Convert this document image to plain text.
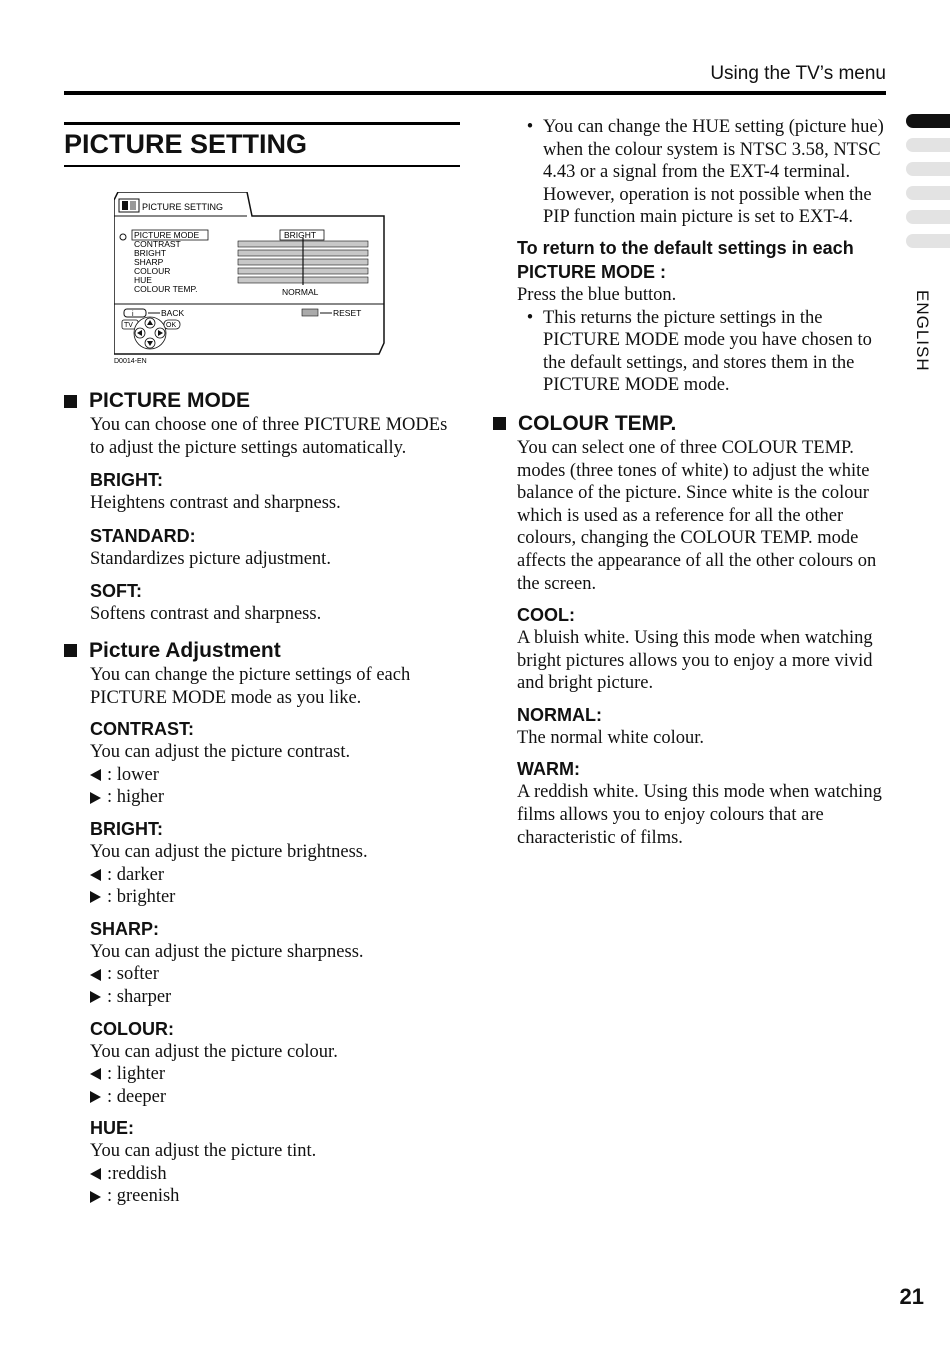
Using the TV’s menu
ENGLISH
PICTURE SETTING
PICTURE SETTING
PICTURE MODE
CONTRAST
BRIGHT
SHARP
COLOUR
HUE
COLOUR TEMP.
BRIGHT
NORMAL
i	BACK	RESET
TV	OK
D0014-EN
PICTURE MODE

You can choose one of three PICTURE MODEs to adjust the picture settings automatically.

BRIGHT:

Heightens contrast and sharpness.

STANDARD:

Standardizes picture adjustment.

SOFT:

Softens contrast and sharpness.

Picture Adjustment

You can change the picture settings of each PICTURE MODE mode as you like.

CONTRAST:

You can adjust the picture contrast.

: lower
: higher
BRIGHT:

You can adjust the picture brightness.

: darker
: brighter
SHARP:

You can adjust the picture sharpness.

: softer
: sharper
COLOUR:

You can adjust the picture colour.

: lighter
: deeper
HUE:

You can adjust the picture tint.

:reddish
: greenish
• You can change the HUE setting (picture hue) when the colour system is NTSC 3.58, NTSC 4.43 or a signal from the EXT-4 terminal.
However, operation is not possible when the PIP function main picture is set to EXT-4.
To return to the default settings in each PICTURE MODE :

Press the blue button.

• This returns the picture settings in the PICTURE MODE mode you have chosen to the default settings, and stores them in the PICTURE MODE mode.
COLOUR TEMP.

You can select one of three COLOUR TEMP. modes (three tones of white) to adjust the white balance of the picture. Since white is the colour which is used as a reference for all the other colours, changing the COLOUR TEMP. mode affects the appearance of all the other colours on the screen.

COOL:

A bluish white. Using this mode when watching bright pictures allows you to enjoy a more vivid and bright picture.

NORMAL:

The normal white colour.

WARM:

A reddish white. Using this mode when watching films allows you to enjoy colours that are characteristic of films.

21
